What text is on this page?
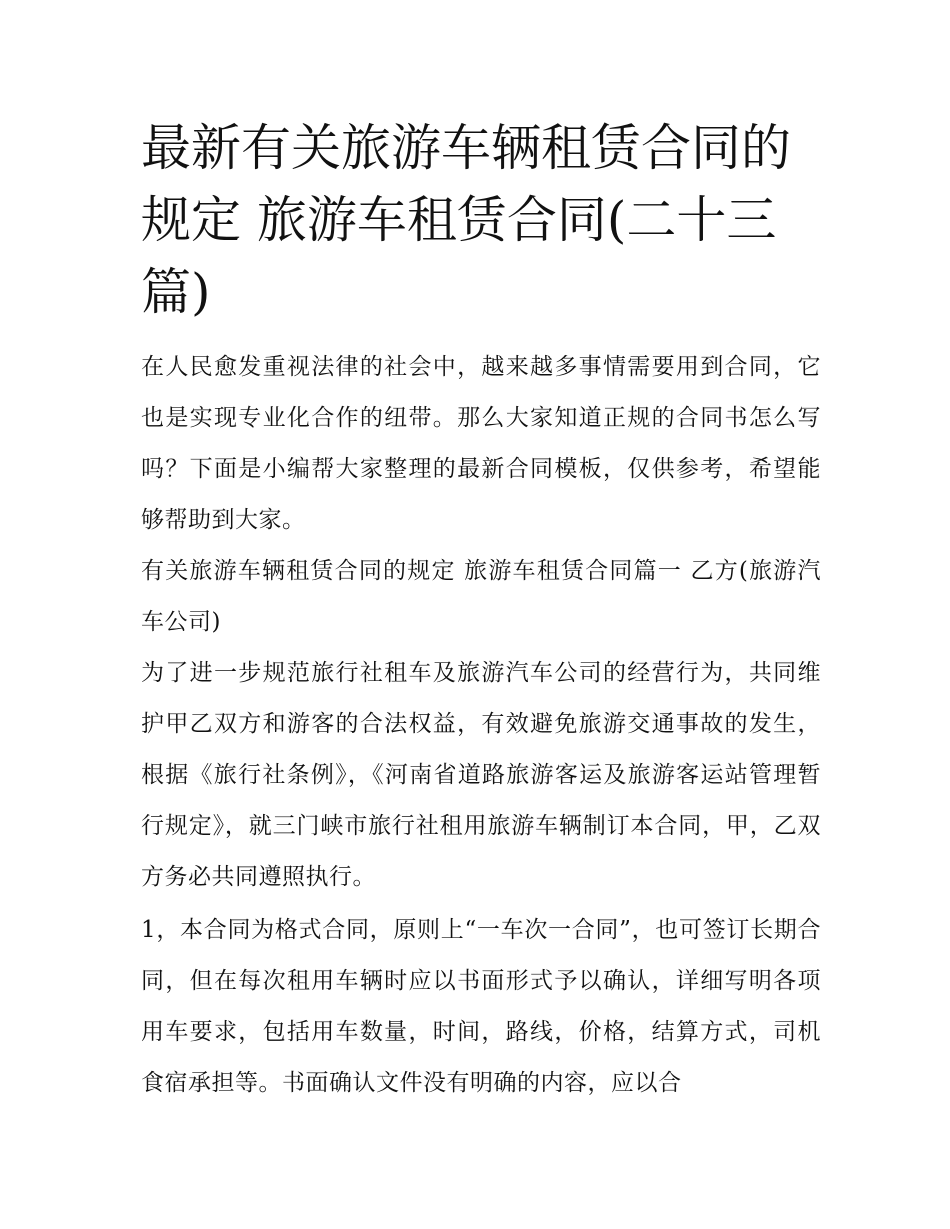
最新有关旅游车辆租赁合同的规定 旅游车租赁合同(二十三篇)

在人民愈发重视法律的社会中，越来越多事情需要用到合同，它也是实现专业化合作的纽带。那么大家知道正规的合同书怎么写吗？下面是小编帮大家整理的最新合同模板，仅供参考，希望能够帮助到大家。

有关旅游车辆租赁合同的规定 旅游车租赁合同篇一 乙方(旅游汽车公司)

为了进一步规范旅行社租车及旅游汽车公司的经营行为，共同维护甲乙双方和游客的合法权益，有效避免旅游交通事故的发生，根据《旅行社条例》，《河南省道路旅游客运及旅游客运站管理暂行规定》，就三门峡市旅行社租用旅游车辆制订本合同，甲，乙双方务必共同遵照执行。

1，本合同为格式合同，原则上“一车次一合同”，也可签订长期合同，但在每次租用车辆时应以书面形式予以确认，详细写明各项用车要求，包括用车数量，时间，路线，价格，结算方式，司机食宿承担等。书面确认文件没有明确的内容，应以合
